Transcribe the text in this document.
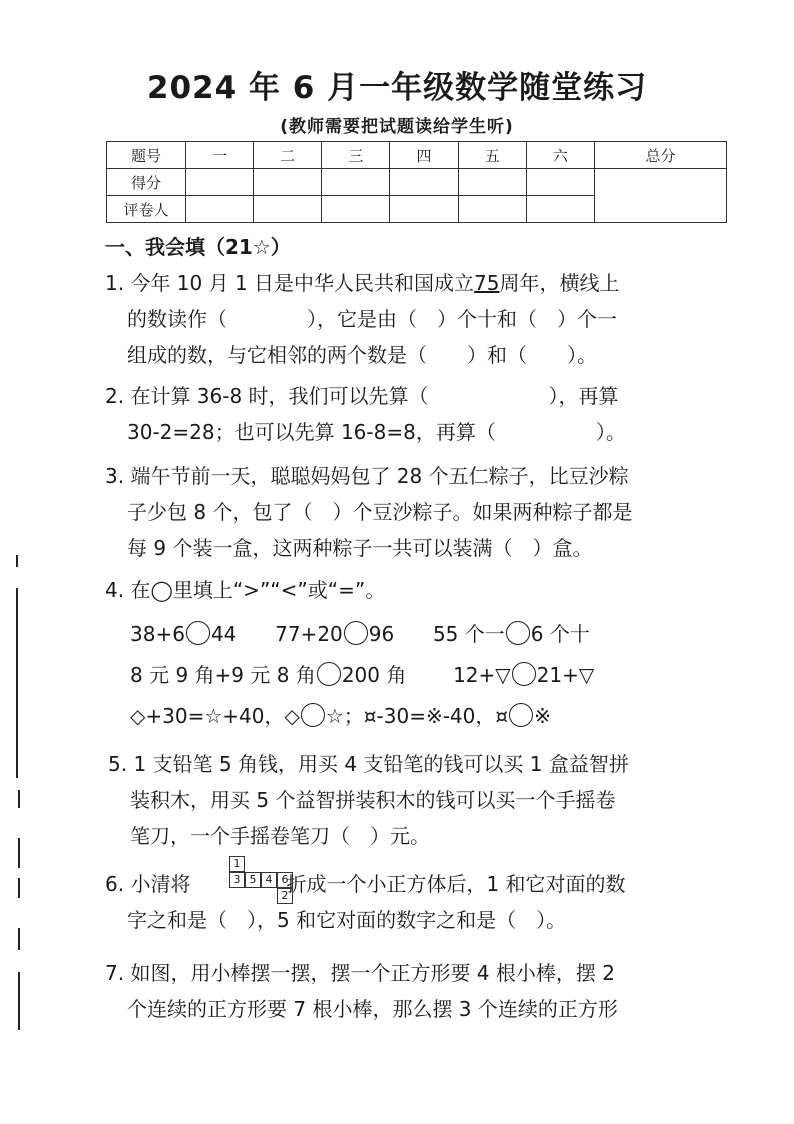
2024 年 6 月一年级数学随堂练习
(教师需要把试题读给学生听)
题号	一	二	三	四	五	六	总分
得分							
评卷人							
一、我会填（21☆）
1. 今年 10 月 1 日是中华人民共和国成立75周年，横线上
的数读作（　　　　），它是由（　）个十和（　）个一
组成的数，与它相邻的两个数是（　　）和（　　）。
2. 在计算 36-8 时，我们可以先算（　　　　　　），再算
30-2=28；也可以先算 16-8=8，再算（　　　　　）。
3. 端午节前一天，聪聪妈妈包了 28 个五仁粽子，比豆沙粽
子少包 8 个，包了（　）个豆沙粽子。如果两种粽子都是
每 9 个装一盒，这两种粽子一共可以装满（　）盒。
4. 在◯里填上“>”“<”或“=”。
38+6 44 77+20 96 55 个一 6 个十
8 元 9 角+9 元 8 角 200 角 12+▽ 21+▽
◇+30=☆+40，◇ ☆；¤-30=※-40，¤ ※
5. 1 支铅笔 5 角钱，用买 4 支铅笔的钱可以买 1 盒益智拼
装积木，用买 5 个益智拼装积木的钱可以买一个手摇卷
笔刀，一个手摇卷笔刀（　）元。
6. 小清将	折成一个小正方体后，1 和它对面的数
字之和是（　），5 和它对面的数字之和是（　）。
1
3 5 4 6
2
7. 如图，用小棒摆一摆，摆一个正方形要 4 根小棒，摆 2
个连续的正方形要 7 根小棒，那么摆 3 个连续的正方形
